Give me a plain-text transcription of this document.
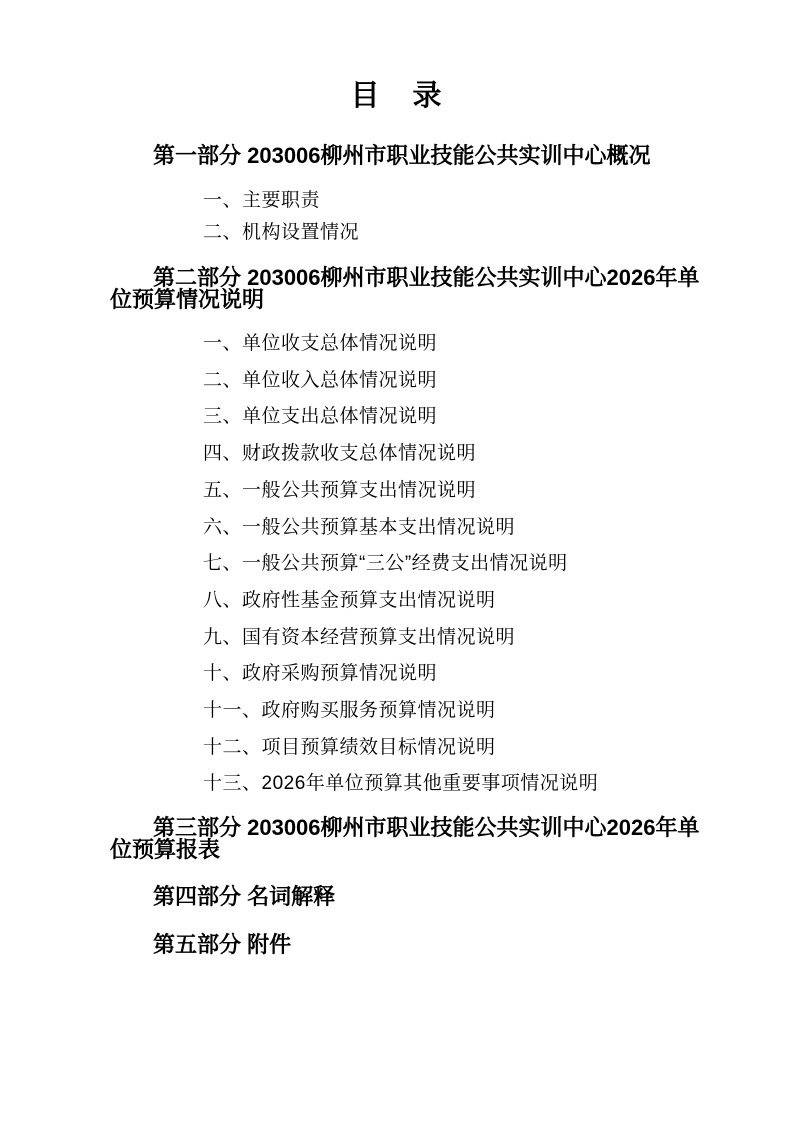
目　录
第一部分 203006柳州市职业技能公共实训中心概况
一、主要职责
二、机构设置情况
第二部分 203006柳州市职业技能公共实训中心2026年单
位预算情况说明
一、单位收支总体情况说明
二、单位收入总体情况说明
三、单位支出总体情况说明
四、财政拨款收支总体情况说明
五、一般公共预算支出情况说明
六、一般公共预算基本支出情况说明
七、一般公共预算“三公”经费支出情况说明
八、政府性基金预算支出情况说明
九、国有资本经营预算支出情况说明
十、政府采购预算情况说明
十一、政府购买服务预算情况说明
十二、项目预算绩效目标情况说明
十三、2026年单位预算其他重要事项情况说明
第三部分 203006柳州市职业技能公共实训中心2026年单
位预算报表
第四部分 名词解释
第五部分 附件
